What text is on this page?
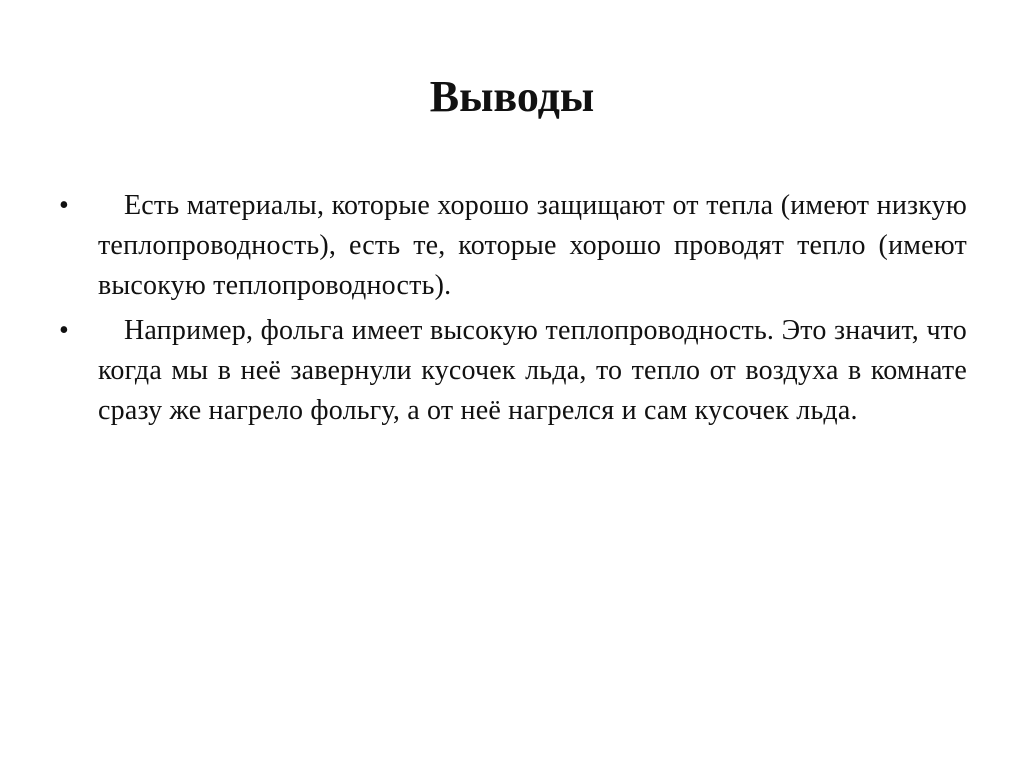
Выводы
•	Есть материалы, которые хорошо защищают от тепла (имеют низкую теплопроводность), есть те, которые хорошо проводят тепло (имеют высокую теплопроводность).
•	Например, фольга имеет высокую теплопроводность. Это значит, что когда мы в неё завернули кусочек льда, то тепло от воздуха в комнате сразу же нагрело фольгу, а от неё нагрелся и сам кусочек льда.
